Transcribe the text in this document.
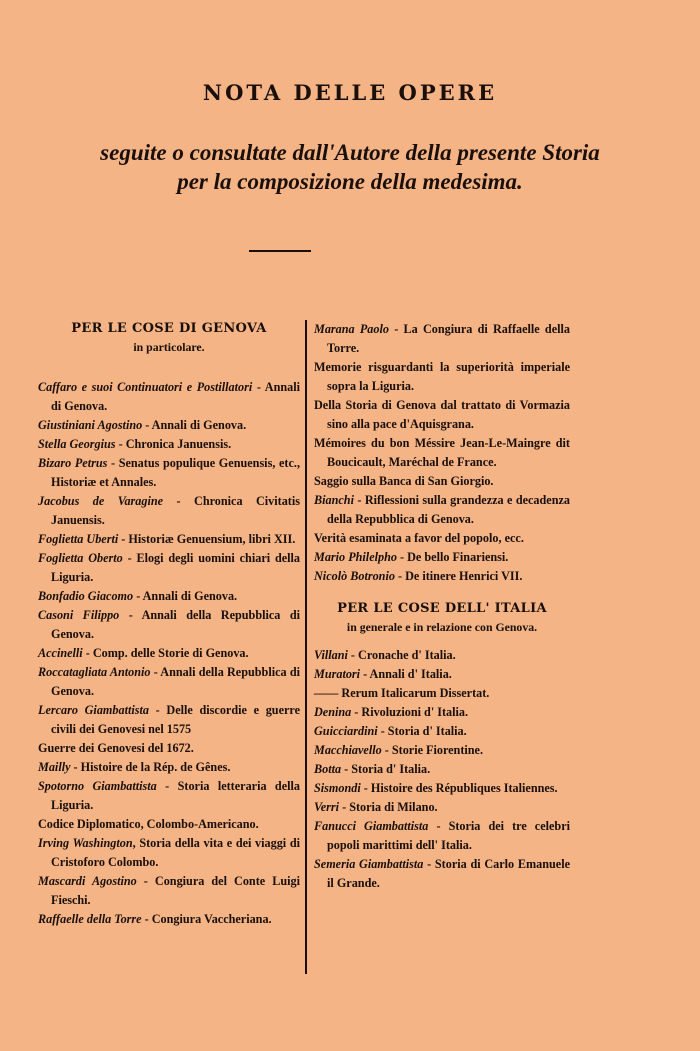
NOTA DELLE OPERE
seguite o consultate dall'Autore della presente Storia
per la composizione della medesima.
PER LE COSE DI GENOVA
in particolare.
Caffaro e suoi Continuatori e Postillatori - Annali di Genova.
Giustiniani Agostino - Annali di Genova.
Stella Georgius - Chronica Januensis.
Bizaro Petrus - Senatus populique Genuensis, etc., Historiæ et Annales.
Jacobus de Varagine - Chronica Civitatis Januensis.
Foglietta Uberti - Historiæ Genuensium, libri XII.
Foglietta Oberto - Elogi degli uomini chiari della Liguria.
Bonfadio Giacomo - Annali di Genova.
Casoni Filippo - Annali della Repubblica di Genova.
Accinelli - Comp. delle Storie di Genova.
Roccatagliata Antonio - Annali della Repubblica di Genova.
Lercaro Giambattista - Delle discordie e guerre civili dei Genovesi nel 1575
Guerre dei Genovesi del 1672.
Mailly - Histoire de la Rép. de Gênes.
Spotorno Giambattista - Storia letteraria della Liguria.
Codice Diplomatico, Colombo-Americano.
Irving Washington, Storia della vita e dei viaggi di Cristoforo Colombo.
Mascardi Agostino - Congiura del Conte Luigi Fieschi.
Raffaelle della Torre - Congiura Vaccheriana.
Marana Paolo - La Congiura di Raffaelle della Torre.
Memorie risguardanti la superiorità imperiale sopra la Liguria.
Della Storia di Genova dal trattato di Vormazia sino alla pace d'Aquisgrana.
Mémoires du bon Méssire Jean-Le-Maingre dit Boucicault, Maréchal de France.
Saggio sulla Banca di San Giorgio.
Bianchi - Riflessioni sulla grandezza e decadenza della Repubblica di Genova.
Verità esaminata a favor del popolo, ecc.
Mario Philelpho - De bello Finariensi.
Nicolò Botronio - De itinere Henrici VII.
PER LE COSE DELL' ITALIA
in generale e in relazione con Genova.
Villani - Cronache d' Italia.
Muratori - Annali d' Italia.
—— Rerum Italicarum Dissertat.
Denina - Rivoluzioni d' Italia.
Guicciardini - Storia d' Italia.
Macchiavello - Storie Fiorentine.
Botta - Storia d' Italia.
Sismondi - Histoire des Républiques Italiennes.
Verri - Storia di Milano.
Fanucci Giambattista - Storia dei tre celebri popoli marittimi dell' Italia.
Semeria Giambattista - Storia di Carlo Emanuele il Grande.
